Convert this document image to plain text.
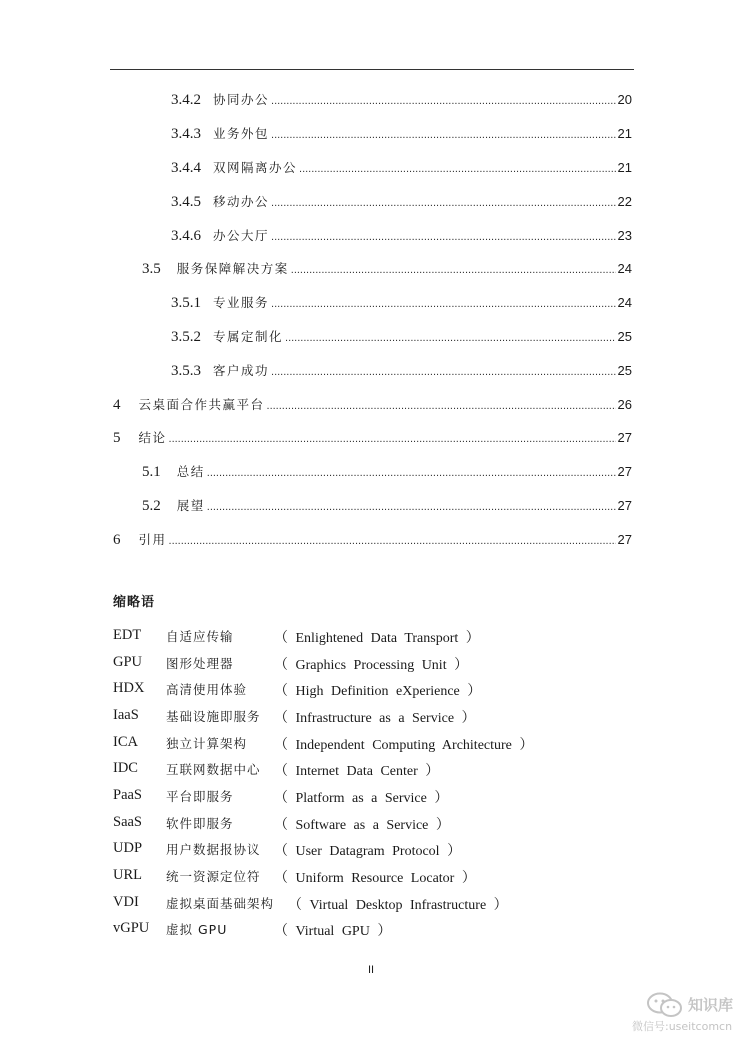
3.4.2 协同办公 .....	20
3.4.3 业务外包 .....	21
3.4.4 双网隔离办公 .....	21
3.4.5 移动办公 .....	22
3.4.6 办公大厅 .....	23
3.5 服务保障解决方案 .....	24
3.5.1 专业服务 .....	24
3.5.2 专属定制化 .....	25
3.5.3 客户成功 .....	25
4 云桌面合作共赢平台 .....	26
5 结论 .....	27
5.1 总结 .....	27
5.2 展望 .....	27
6 引用 .....	27
缩略语
EDT 自适应传输	（ Enlightened Data Transport ）
GPU 图形处理器	（ Graphics Processing Unit ）
HDX 高清使用体验 （ High Definition eXperience ）
IaaS 基础设施即服务 （ Infrastructure as a Service ）
ICA 独立计算架构 （ Independent Computing Architecture ）
IDC 互联网数据中心 （ Internet Data Center ）
PaaS 平台即服务	（ Platform as a Service ）
SaaS 软件即服务	（ Software as a Service ）
UDP 用户数据报协议 （ User Datagram Protocol ）
URL 统一资源定位符 （ Uniform Resource Locator ）
VDI 虚拟桌面基础架构 （ Virtual Desktop Infrastructure ）
vGPU 虚拟 GPU	（ Virtual GPU ）
II
知识库
微信号:useitcomcn
